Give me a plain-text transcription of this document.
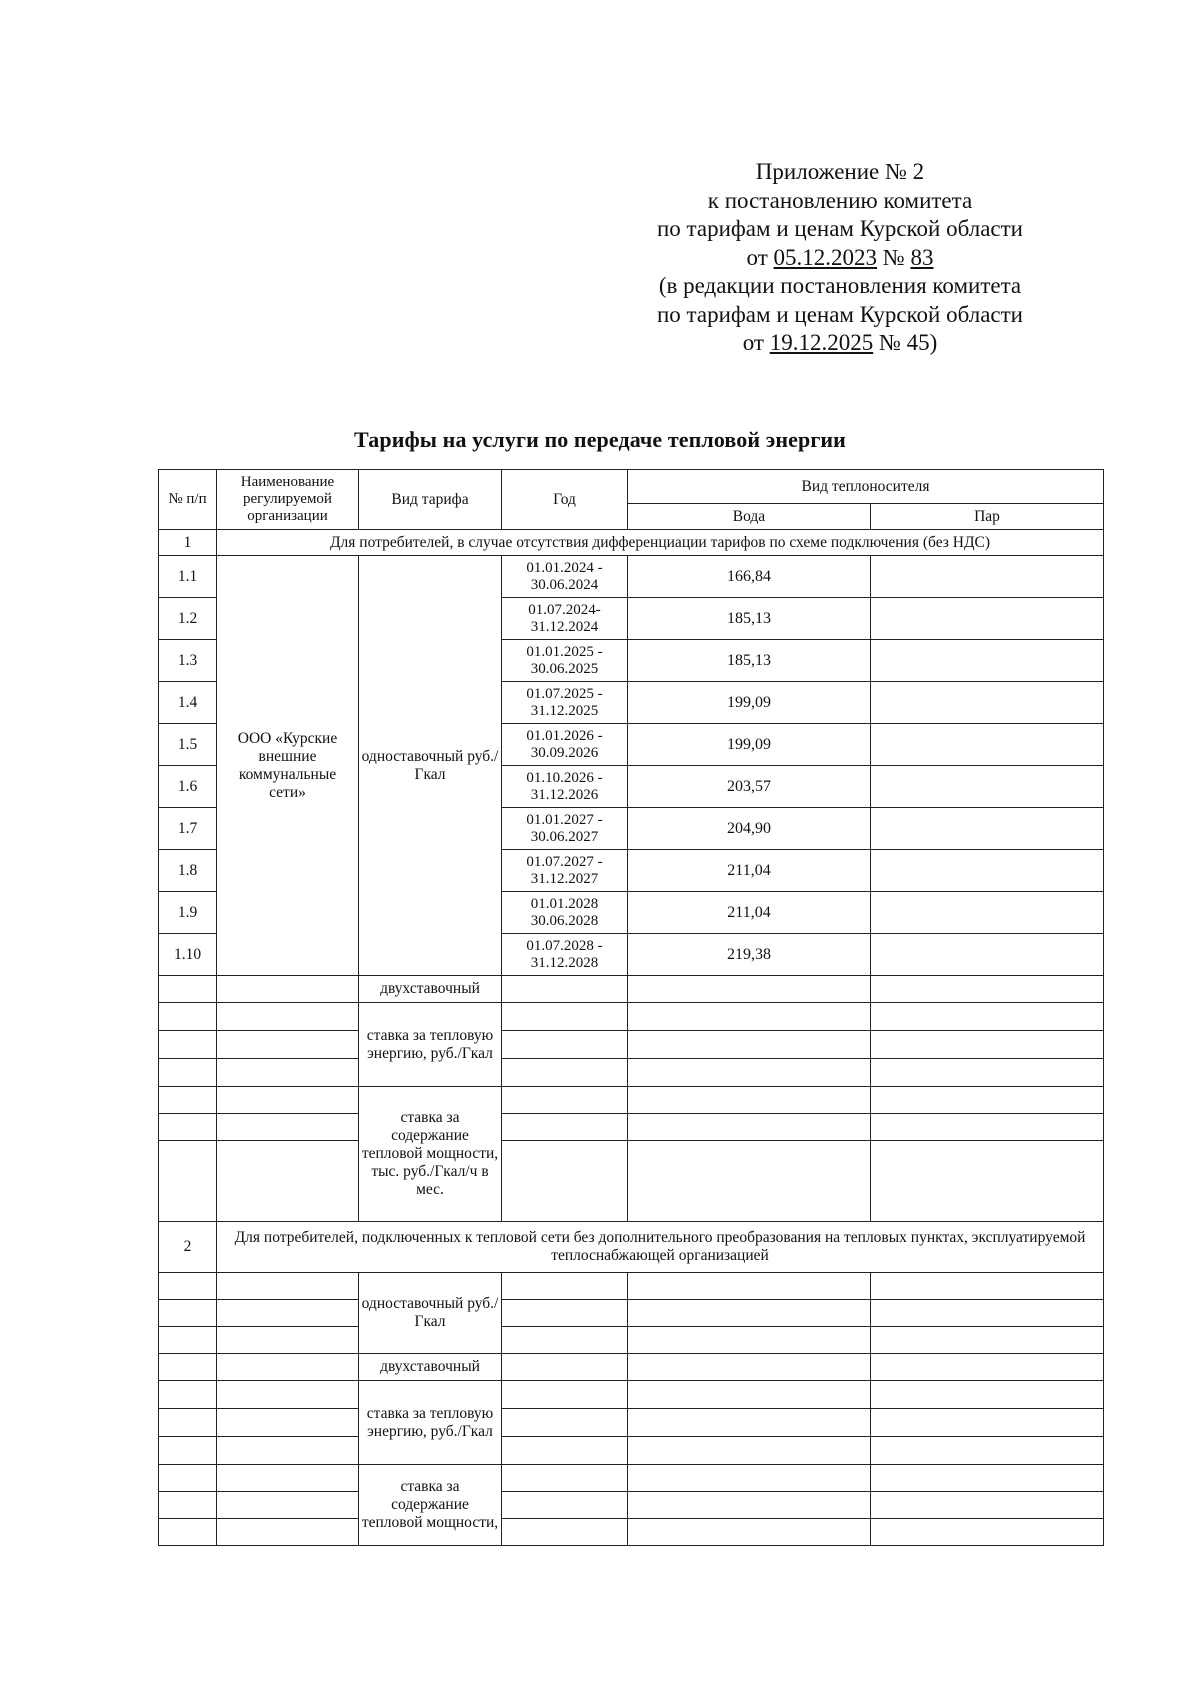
Приложение № 2
к постановлению комитета
по тарифам и ценам Курской области
от 05.12.2023 № 83
(в редакции постановления комитета
по тарифам и ценам Курской области
от 19.12.2025 № 45)
Тарифы на услуги по передаче тепловой энергии
№ п/п	Наименование регулируемой организации	Вид тарифа	Год	Вид теплоносителя	
				Вода	Пар
1	Для потребителей, в случае отсутствия дифференциации тарифов по схеме подключения (без НДС)				
1.1	ООО «Курские внешние коммунальные сети»	одноставочный руб./Гкал	01.01.2024 - 30.06.2024	166,84	
1.2			01.07.2024- 31.12.2024	185,13	
1.3			01.01.2025 - 30.06.2025	185,13	
1.4			01.07.2025 - 31.12.2025	199,09	
1.5			01.01.2026 - 30.09.2026	199,09	
1.6			01.10.2026 - 31.12.2026	203,57	
1.7			01.01.2027 - 30.06.2027	204,90	
1.8			01.07.2027 - 31.12.2027	211,04	
1.9			01.01.2028 30.06.2028	211,04	
1.10			01.07.2028 - 31.12.2028	219,38	
		двухставочный			
		ставка за тепловую энергию, руб./Гкал			

		ставка за содержание тепловой мощности, тыс. руб./Гкал/ч в мес.			

2	Для потребителей, подключенных к тепловой сети без дополнительного преобразования на тепловых пунктах, эксплуатируемой теплоснабжающей организацией				
		одноставочный руб./Гкал			

		двухставочный			
		ставка за тепловую энергию, руб./Гкал			

		ставка за содержание тепловой мощности,			
